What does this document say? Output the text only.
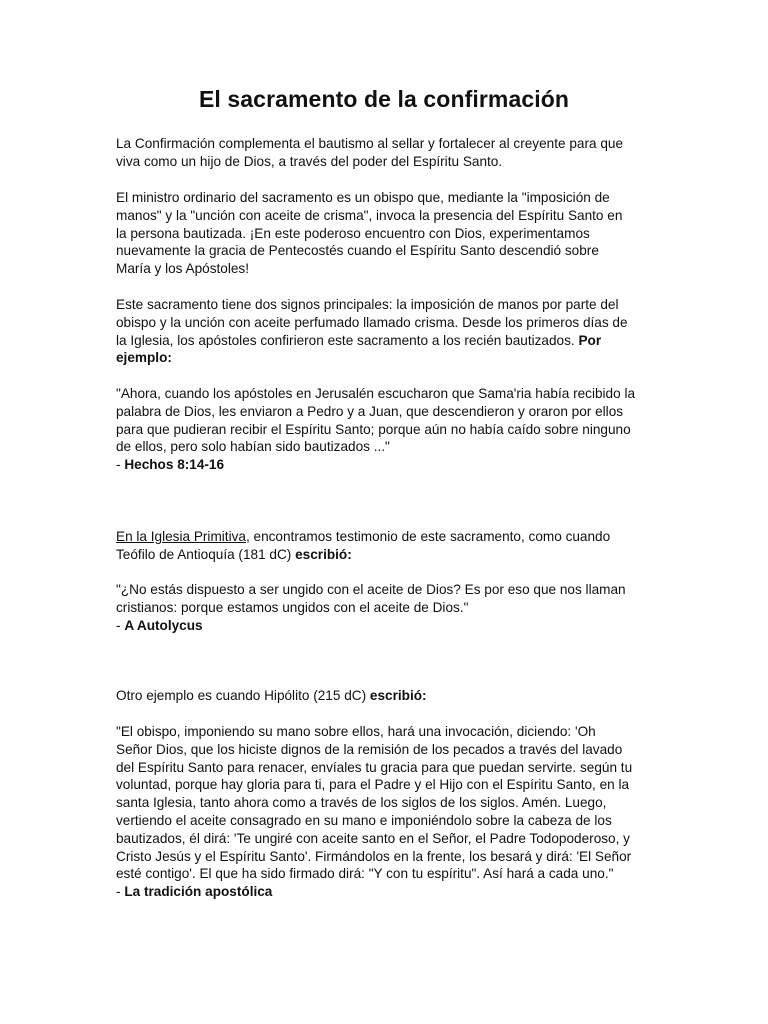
El sacramento de la confirmación
La Confirmación complementa el bautismo al sellar y fortalecer al creyente para que
viva como un hijo de Dios, a través del poder del Espíritu Santo.
El ministro ordinario del sacramento es un obispo que, mediante la "imposición de
manos" y la "unción con aceite de crisma", invoca la presencia del Espíritu Santo en
la persona bautizada. ¡En este poderoso encuentro con Dios, experimentamos
nuevamente la gracia de Pentecostés cuando el Espíritu Santo descendió sobre
María y los Apóstoles!
Este sacramento tiene dos signos principales: la imposición de manos por parte del
obispo y la unción con aceite perfumado llamado crisma. Desde los primeros días de
la Iglesia, los apóstoles confirieron este sacramento a los recién bautizados. Por
ejemplo:
"Ahora, cuando los apóstoles en Jerusalén escucharon que Sama'ria había recibido la
palabra de Dios, les enviaron a Pedro y a Juan, que descendieron y oraron por ellos
para que pudieran recibir el Espíritu Santo; porque aún no había caído sobre ninguno
de ellos, pero solo habían sido bautizados ..."
- Hechos 8:14-16
En la Iglesia Primitiva, encontramos testimonio de este sacramento, como cuando
Teófilo de Antioquía (181 dC) escribió:
"¿No estás dispuesto a ser ungido con el aceite de Dios? Es por eso que nos llaman
cristianos: porque estamos ungidos con el aceite de Dios."
- A Autolycus
Otro ejemplo es cuando Hipólito (215 dC) escribió:
"El obispo, imponiendo su mano sobre ellos, hará una invocación, diciendo: 'Oh
Señor Dios, que los hiciste dignos de la remisión de los pecados a través del lavado
del Espíritu Santo para renacer, envíales tu gracia para que puedan servirte. según tu
voluntad, porque hay gloria para ti, para el Padre y el Hijo con el Espíritu Santo, en la
santa Iglesia, tanto ahora como a través de los siglos de los siglos. Amén. Luego,
vertiendo el aceite consagrado en su mano e imponiéndolo sobre la cabeza de los
bautizados, él dirá: 'Te ungiré con aceite santo en el Señor, el Padre Todopoderoso, y
Cristo Jesús y el Espíritu Santo'. Firmándolos en la frente, los besará y dirá: 'El Señor
esté contigo'. El que ha sido firmado dirá: "Y con tu espíritu". Así hará a cada uno."
- La tradición apostólica
